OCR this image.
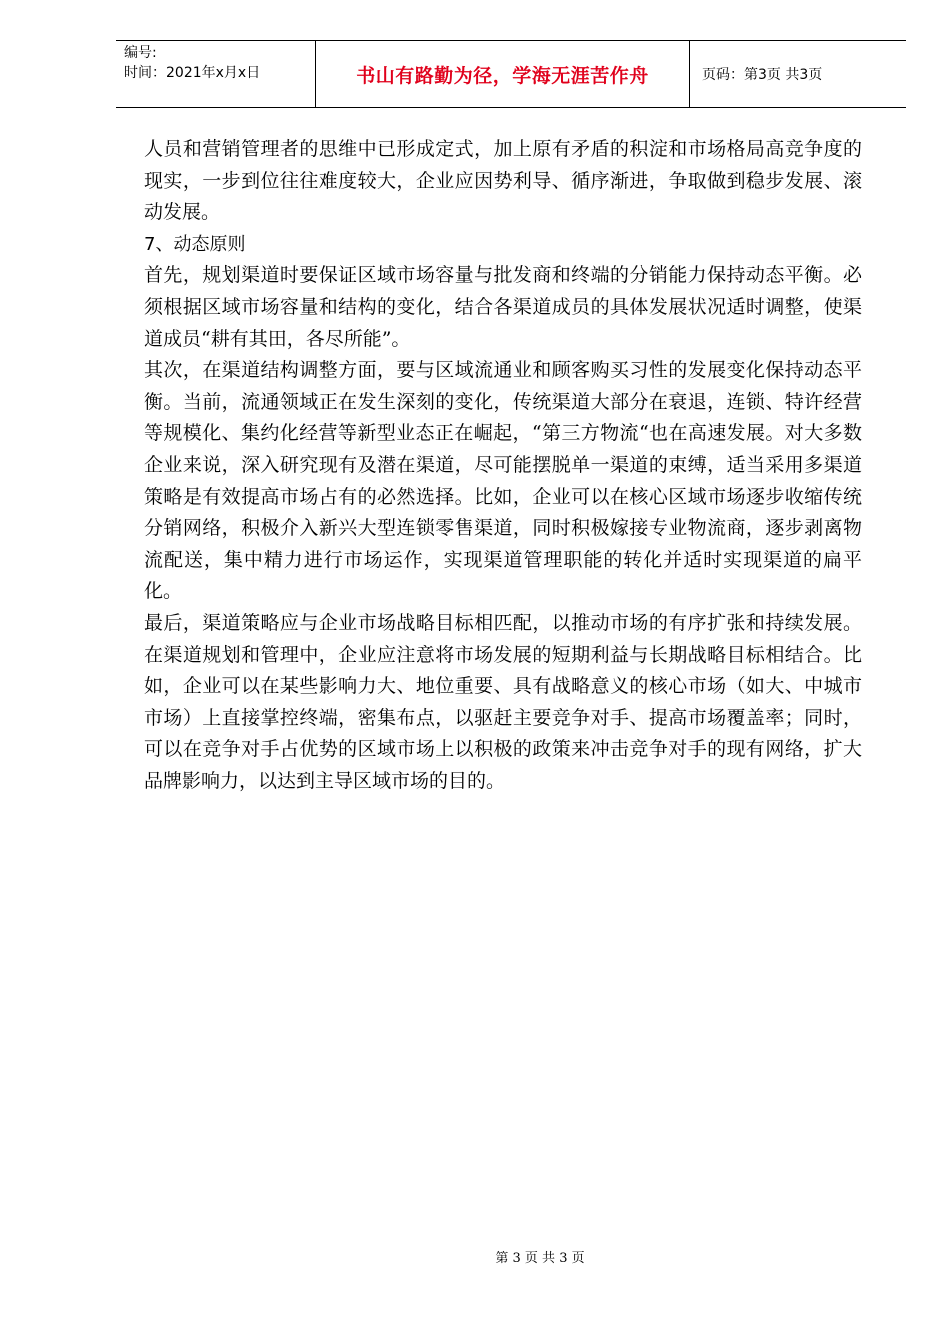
编号:
时间：2021年x月x日	书山有路勤为径，学海无涯苦作舟	页码：第3页 共3页

人员和营销管理者的思维中已形成定式，加上原有矛盾的积淀和市场格局高竞争度的现实，一步到位往往难度较大，企业应因势利导、循序渐进，争取做到稳步发展、滚动发展。

7、动态原则

首先，规划渠道时要保证区域市场容量与批发商和终端的分销能力保持动态平衡。必须根据区域市场容量和结构的变化，结合各渠道成员的具体发展状况适时调整，使渠道成员“耕有其田，各尽所能”。

其次，在渠道结构调整方面，要与区域流通业和顾客购买习性的发展变化保持动态平衡。当前，流通领域正在发生深刻的变化，传统渠道大部分在衰退，连锁、特许经营等规模化、集约化经营等新型业态正在崛起，“第三方物流“也在高速发展。对大多数企业来说，深入研究现有及潜在渠道，尽可能摆脱单一渠道的束缚，适当采用多渠道策略是有效提高市场占有的必然选择。比如，企业可以在核心区域市场逐步收缩传统分销网络，积极介入新兴大型连锁零售渠道，同时积极嫁接专业物流商，逐步剥离物流配送，集中精力进行市场运作，实现渠道管理职能的转化并适时实现渠道的扁平化。

最后，渠道策略应与企业市场战略目标相匹配，以推动市场的有序扩张和持续发展。在渠道规划和管理中，企业应注意将市场发展的短期利益与长期战略目标相结合。比如，企业可以在某些影响力大、地位重要、具有战略意义的核心市场（如大、中城市市场）上直接掌控终端，密集布点，以驱赶主要竞争对手、提高市场覆盖率；同时，可以在竞争对手占优势的区域市场上以积极的政策来冲击竞争对手的现有网络，扩大品牌影响力，以达到主导区域市场的目的。

第 3 页 共 3 页
